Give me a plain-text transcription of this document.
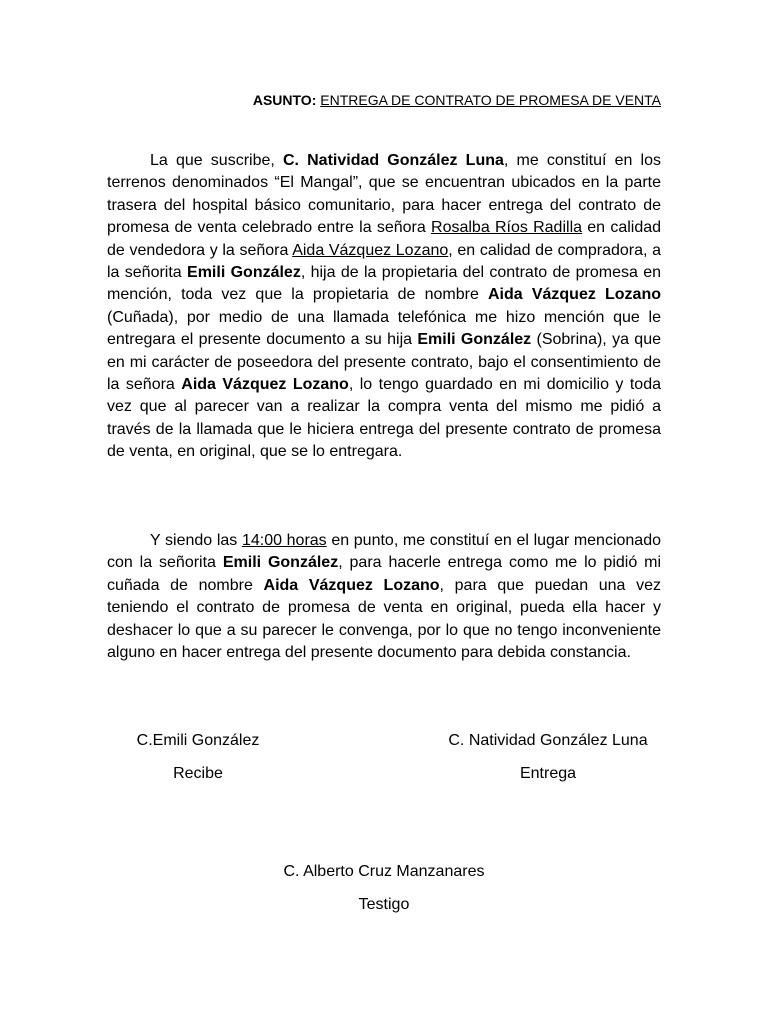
ASUNTO: ENTREGA DE CONTRATO DE PROMESA DE VENTA

La que suscribe, C. Natividad González Luna, me constituí en los terrenos denominados “El Mangal”, que se encuentran ubicados en la parte trasera del hospital básico comunitario, para hacer entrega del contrato de promesa de venta celebrado entre la señora Rosalba Ríos Radilla en calidad de vendedora y la señora Aida Vázquez Lozano, en calidad de compradora, a la señorita Emili González, hija de la propietaria del contrato de promesa en mención, toda vez que la propietaria de nombre Aida Vázquez Lozano (Cuñada), por medio de una llamada telefónica me hizo mención que le entregara el presente documento a su hija Emili González (Sobrina), ya que en mi carácter de poseedora del presente contrato, bajo el consentimiento de la señora Aida Vázquez Lozano, lo tengo guardado en mi domicilio y toda vez que al parecer van a realizar la compra venta del mismo me pidió a través de la llamada que le hiciera entrega del presente contrato de promesa de venta, en original, que se lo entregara.

Y siendo las 14:00 horas en punto, me constituí en el lugar mencionado con la señorita Emili González, para hacerle entrega como me lo pidió mi cuñada de nombre Aida Vázquez Lozano, para que puedan una vez teniendo el contrato de promesa de venta en original, pueda ella hacer y deshacer lo que a su parecer le convenga, por lo que no tengo inconveniente alguno en hacer entrega del presente documento para debida constancia.

C.Emili González
Recibe
C. Natividad González Luna
Entrega
C. Alberto Cruz Manzanares
Testigo
